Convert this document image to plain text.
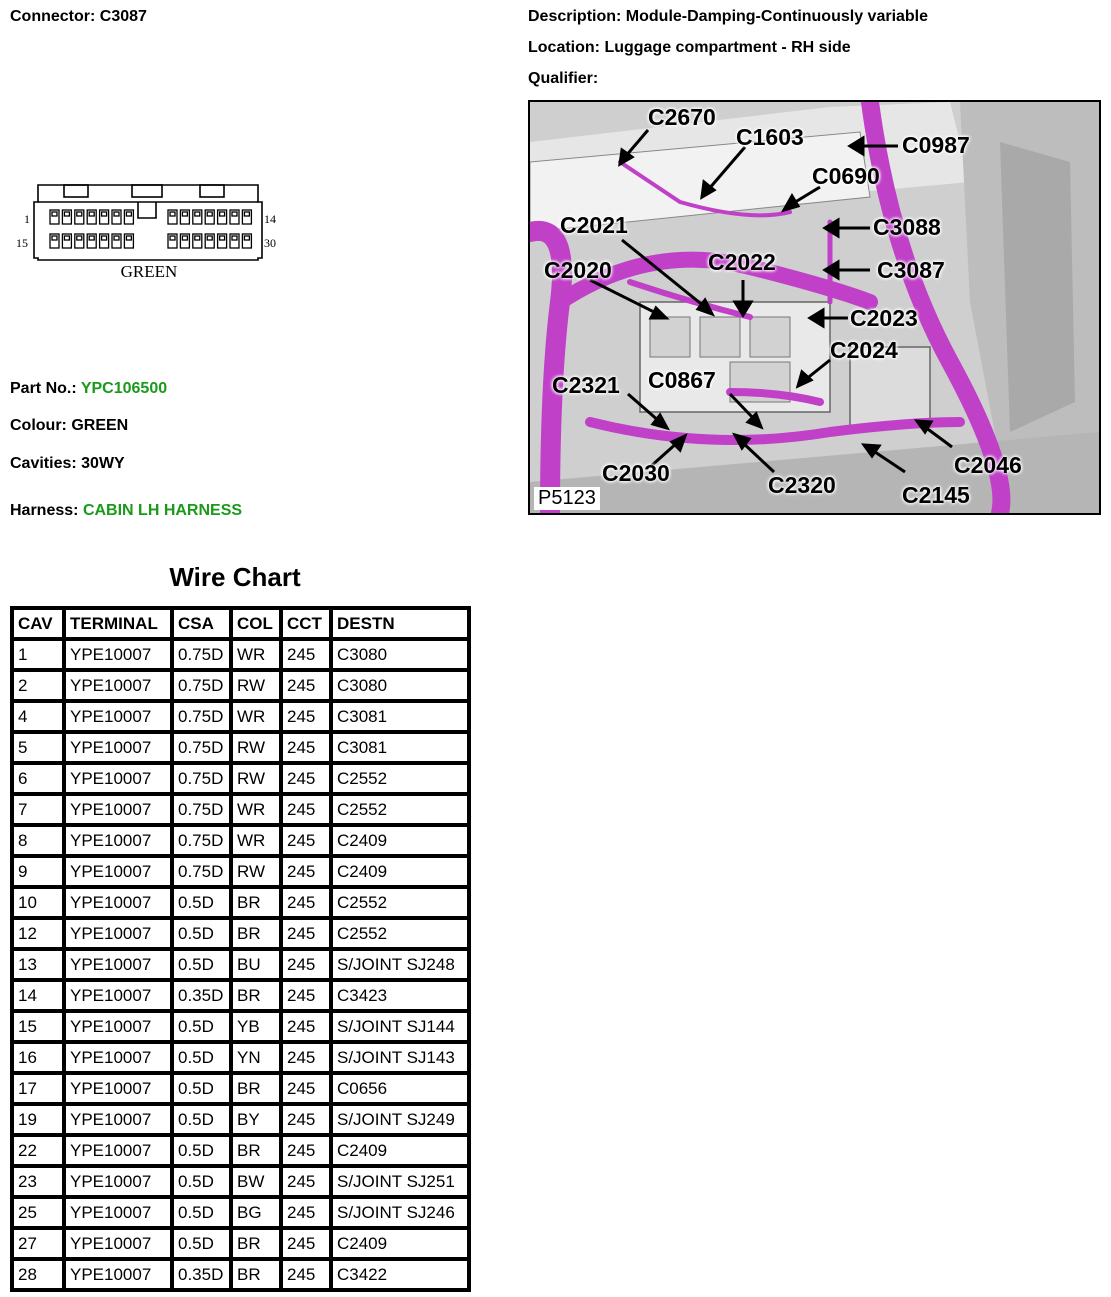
Connector: C3087	Description: Module-Damping-Continuously variable
Location: Luggage compartment - RH side
Qualifier:
1	14
15	30
GREEN
Part No.: YPC106500
Colour: GREEN
Cavities: 30WY
Harness: CABIN LH HARNESS
Wire Chart
CAV	TERMINAL	CSA	COL	CCT	DESTN
1	YPE10007	0.75D	WR	245	C3080
2	YPE10007	0.75D	RW	245	C3080
4	YPE10007	0.75D	WR	245	C3081
5	YPE10007	0.75D	RW	245	C3081
6	YPE10007	0.75D	RW	245	C2552
7	YPE10007	0.75D	WR	245	C2552
8	YPE10007	0.75D	WR	245	C2409
9	YPE10007	0.75D	RW	245	C2409
10	YPE10007	0.5D	BR	245	C2552
12	YPE10007	0.5D	BR	245	C2552
13	YPE10007	0.5D	BU	245	S/JOINT SJ248
14	YPE10007	0.35D	BR	245	C3423
15	YPE10007	0.5D	YB	245	S/JOINT SJ144
16	YPE10007	0.5D	YN	245	S/JOINT SJ143
17	YPE10007	0.5D	BR	245	C0656
19	YPE10007	0.5D	BY	245	S/JOINT SJ249
22	YPE10007	0.5D	BR	245	C2409
23	YPE10007	0.5D	BW	245	S/JOINT SJ251
25	YPE10007	0.5D	BG	245	S/JOINT SJ246
27	YPE10007	0.5D	BR	245	C2409
28	YPE10007	0.35D	BR	245	C3422
C2670
C1603	C0987
C0690
C2021	C3088
C2020	C2022	C3087
C2023
C2024
C2321 C0867
C2046
C2030	C2320	C2145
P5123
